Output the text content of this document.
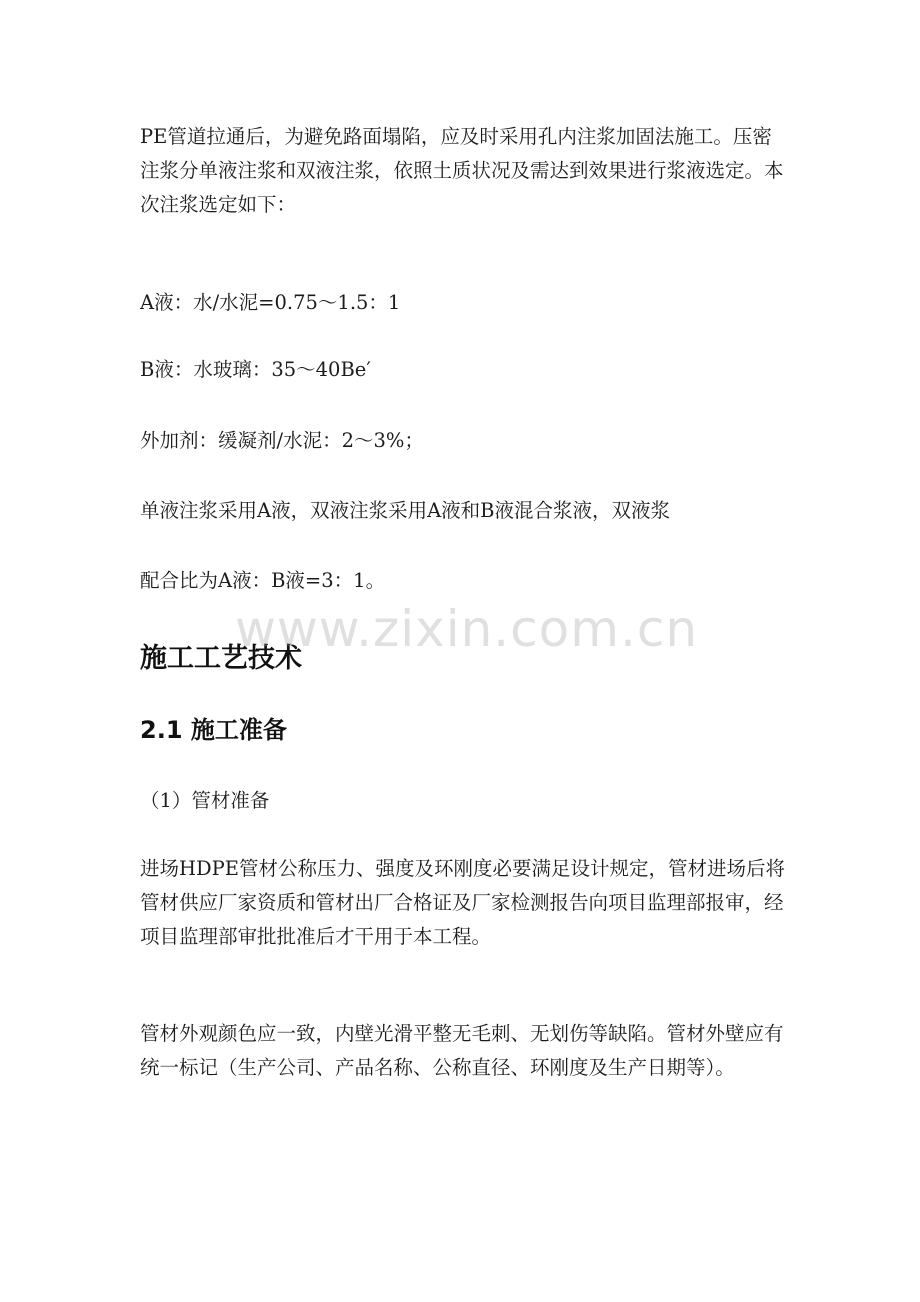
PE管道拉通后，为避免路面塌陷，应及时采用孔内注浆加固法施工。压密注浆分单液注浆和双液注浆，依照土质状况及需达到效果进行浆液选定。本次注浆选定如下：

A液：水/水泥=0.75～1.5：1

B液：水玻璃：35～40Be′

外加剂：缓凝剂/水泥：2～3%；

单液注浆采用A液，双液注浆采用A液和B液混合浆液，双液浆

配合比为A液：B液=3：1。

施工工艺技术
2.1 施工准备

（1）管材准备

进场HDPE管材公称压力、强度及环刚度必要满足设计规定，管材进场后将管材供应厂家资质和管材出厂合格证及厂家检测报告向项目监理部报审，经项目监理部审批批准后才干用于本工程。

管材外观颜色应一致，内壁光滑平整无毛刺、无划伤等缺陷。管材外壁应有统一标记（生产公司、产品名称、公称直径、环刚度及生产日期等）。

www.zixin.com.cn
